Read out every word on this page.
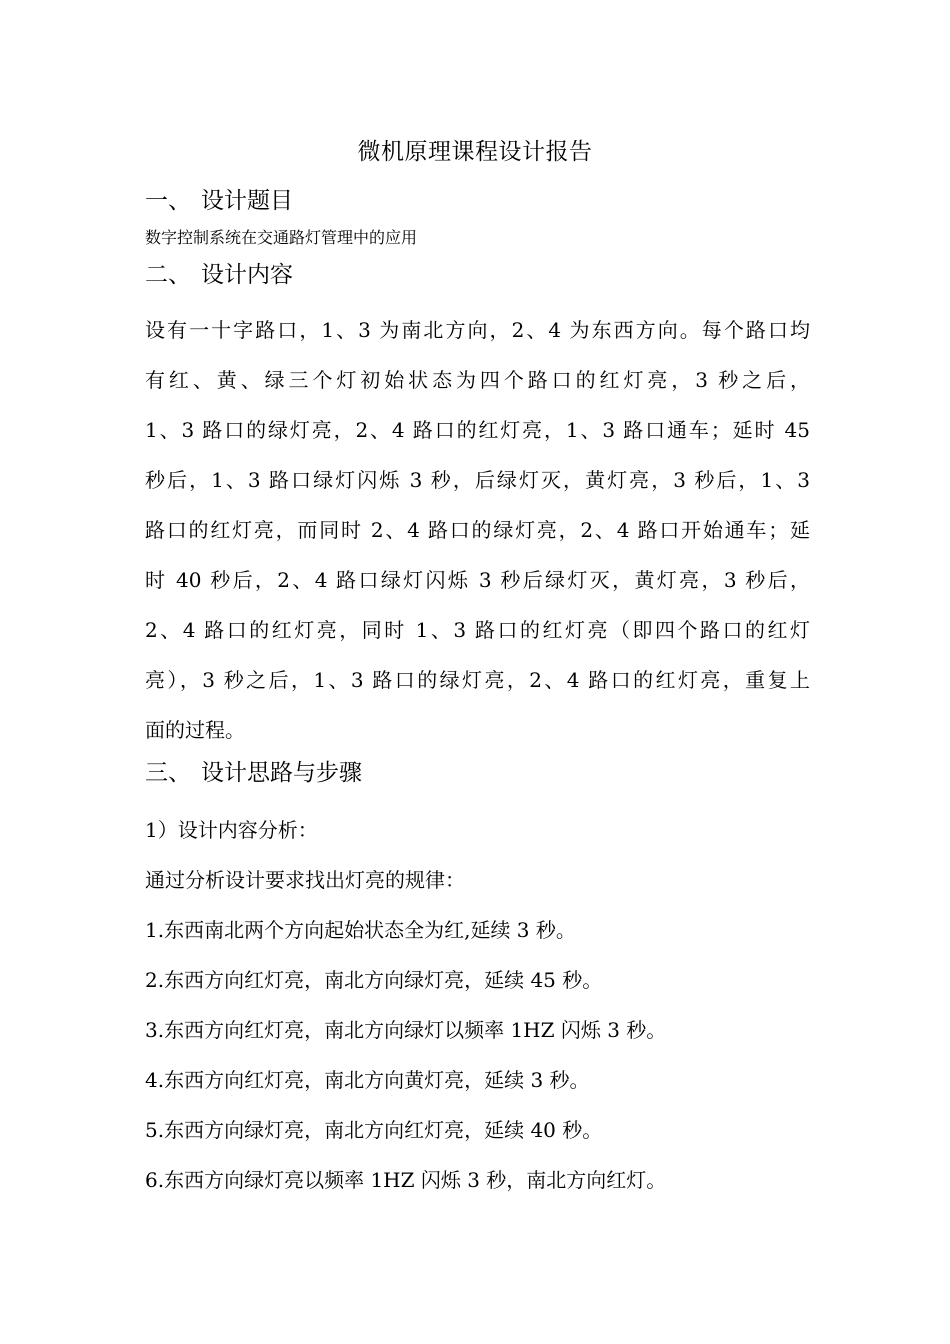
微机原理课程设计报告
一、 设计题目
数字控制系统在交通路灯管理中的应用
二、 设计内容
设有一十字路口，1、3 为南北方向，2、4 为东西方向。每个路口均
有红、黄、绿三个灯初始状态为四个路口的红灯亮，3 秒之后，
1、3 路口的绿灯亮，2、4 路口的红灯亮，1、3 路口通车；延时 45
秒后，1、3 路口绿灯闪烁 3 秒，后绿灯灭，黄灯亮，3 秒后，1、3
路口的红灯亮，而同时 2、4 路口的绿灯亮，2、4 路口开始通车；延
时 40 秒后，2、4 路口绿灯闪烁 3 秒后绿灯灭，黄灯亮，3 秒后，
2、4 路口的红灯亮，同时 1、3 路口的红灯亮（即四个路口的红灯
亮），3 秒之后，1、3 路口的绿灯亮，2、4 路口的红灯亮，重复上
面的过程。
三、 设计思路与步骤
1）设计内容分析：
通过分析设计要求找出灯亮的规律：
1.东西南北两个方向起始状态全为红,延续 3 秒。
2.东西方向红灯亮，南北方向绿灯亮，延续 45 秒。
3.东西方向红灯亮，南北方向绿灯以频率 1HZ 闪烁 3 秒。
4.东西方向红灯亮，南北方向黄灯亮，延续 3 秒。
5.东西方向绿灯亮，南北方向红灯亮，延续 40 秒。
6.东西方向绿灯亮以频率 1HZ 闪烁 3 秒，南北方向红灯。
